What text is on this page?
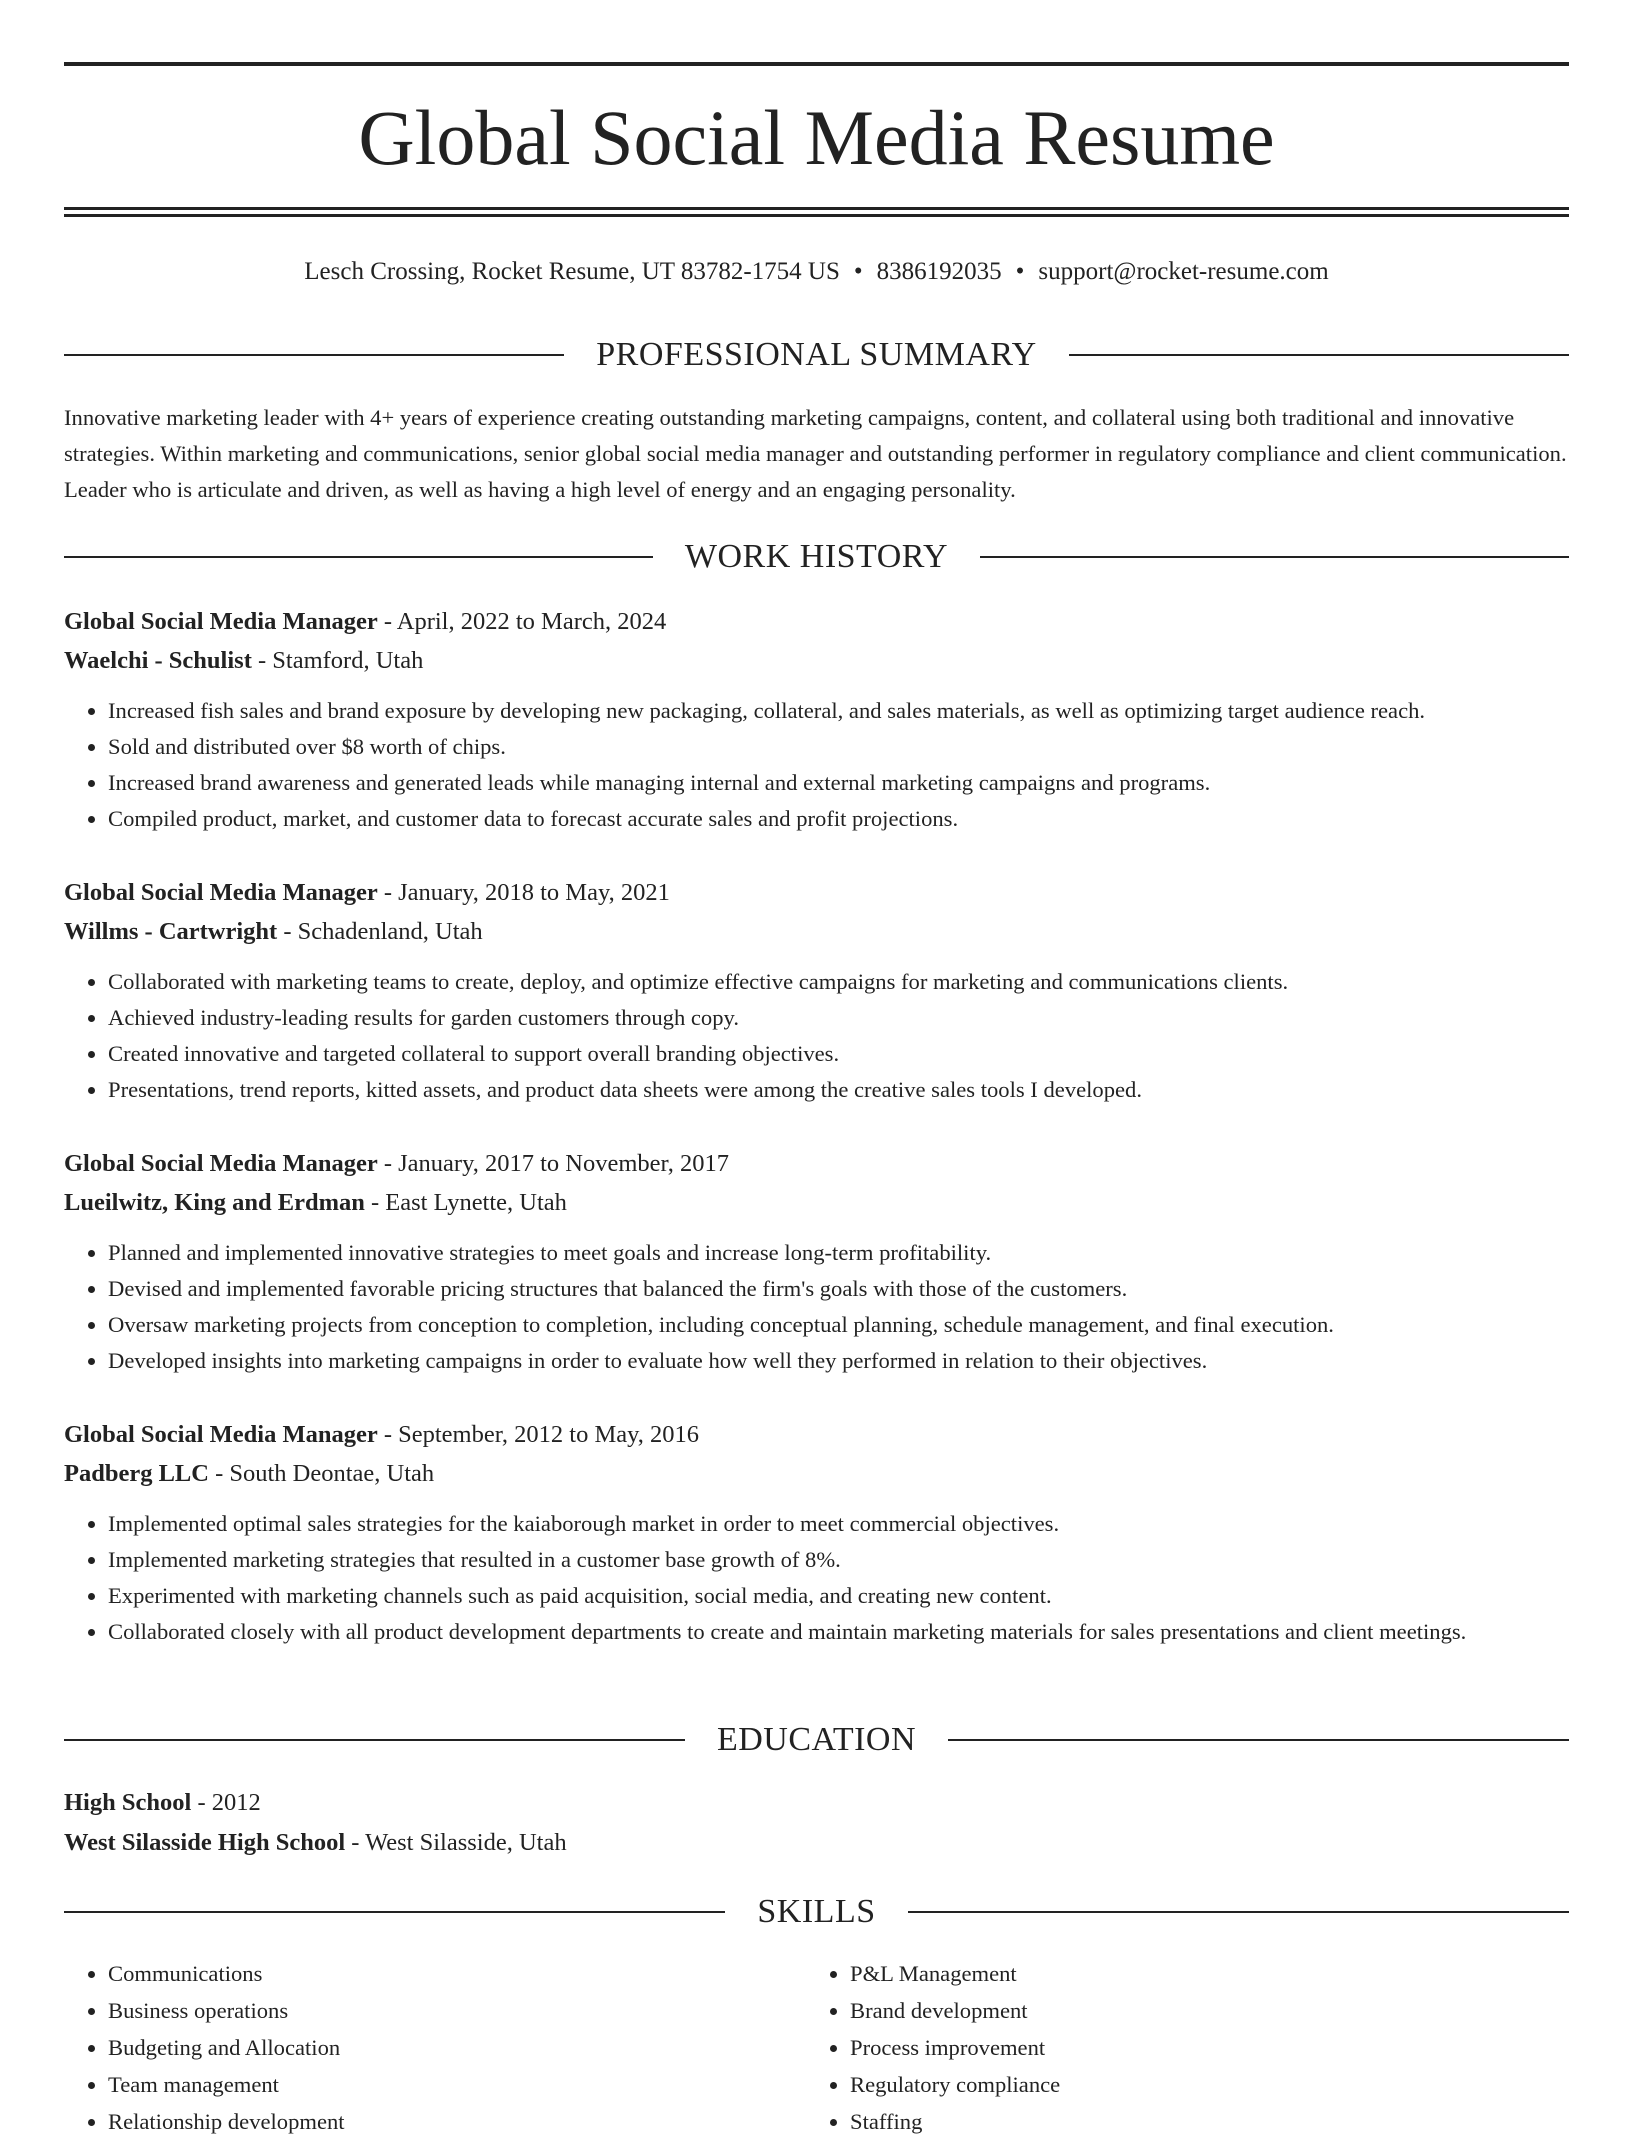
Global Social Media Resume
Lesch Crossing, Rocket Resume, UT 83782-1754 US • 8386192035 • support@rocket-resume.com
PROFESSIONAL SUMMARY
Innovative marketing leader with 4+ years of experience creating outstanding marketing campaigns, content, and collateral using both traditional and innovative strategies. Within marketing and communications, senior global social media manager and outstanding performer in regulatory compliance and client communication. Leader who is articulate and driven, as well as having a high level of energy and an engaging personality.
WORK HISTORY
Global Social Media Manager - April, 2022 to March, 2024
Waelchi - Schulist - Stamford, Utah
• Increased fish sales and brand exposure by developing new packaging, collateral, and sales materials, as well as optimizing target audience reach.
• Sold and distributed over $8 worth of chips.
• Increased brand awareness and generated leads while managing internal and external marketing campaigns and programs.
• Compiled product, market, and customer data to forecast accurate sales and profit projections.
Global Social Media Manager - January, 2018 to May, 2021
Willms - Cartwright - Schadenland, Utah
• Collaborated with marketing teams to create, deploy, and optimize effective campaigns for marketing and communications clients.
• Achieved industry-leading results for garden customers through copy.
• Created innovative and targeted collateral to support overall branding objectives.
• Presentations, trend reports, kitted assets, and product data sheets were among the creative sales tools I developed.
Global Social Media Manager - January, 2017 to November, 2017
Lueilwitz, King and Erdman - East Lynette, Utah
• Planned and implemented innovative strategies to meet goals and increase long-term profitability.
• Devised and implemented favorable pricing structures that balanced the firm's goals with those of the customers.
• Oversaw marketing projects from conception to completion, including conceptual planning, schedule management, and final execution.
• Developed insights into marketing campaigns in order to evaluate how well they performed in relation to their objectives.
Global Social Media Manager - September, 2012 to May, 2016
Padberg LLC - South Deontae, Utah
• Implemented optimal sales strategies for the kaiaborough market in order to meet commercial objectives.
• Implemented marketing strategies that resulted in a customer base growth of 8%.
• Experimented with marketing channels such as paid acquisition, social media, and creating new content.
• Collaborated closely with all product development departments to create and maintain marketing materials for sales presentations and client meetings.
EDUCATION
High School - 2012
West Silasside High School - West Silasside, Utah
SKILLS
• Communications
• Business operations
• Budgeting and Allocation
• Team management
• Relationship development
• P&L Management
• Brand development
• Process improvement
• Regulatory compliance
• Staffing
